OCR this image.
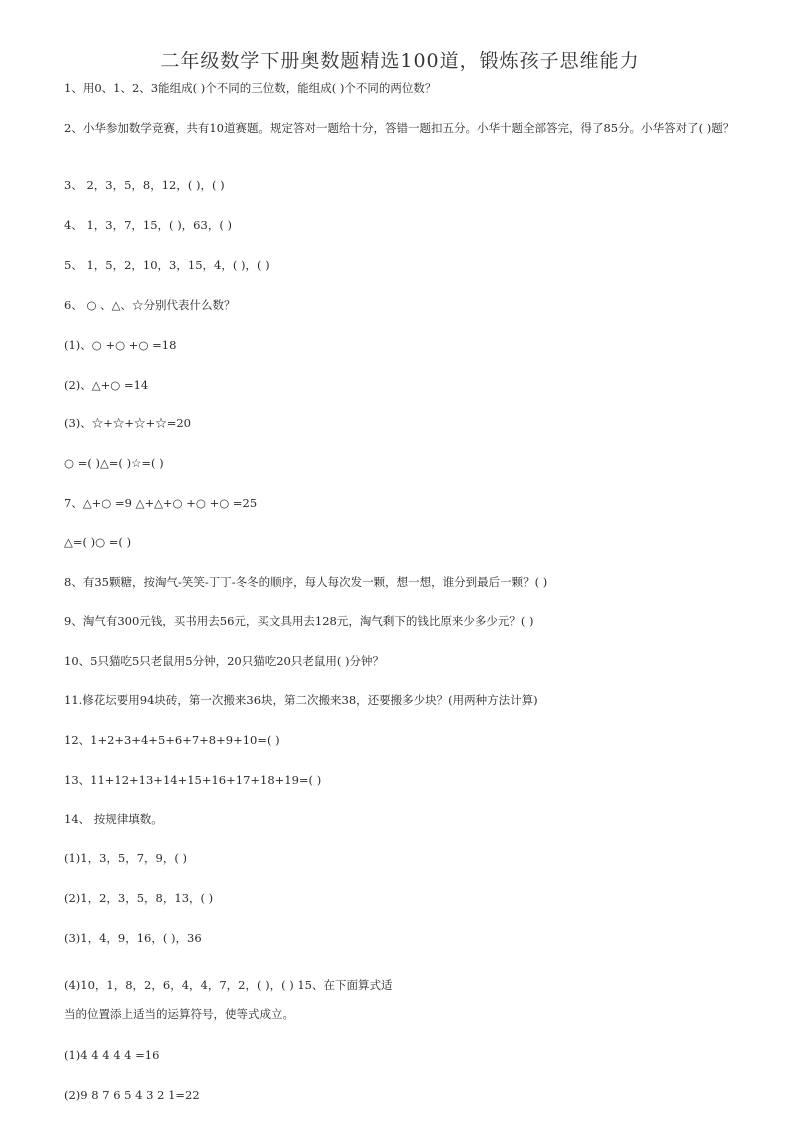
二年级数学下册奥数题精选100道，锻炼孩子思维能力
1、用0、1、2、3能组成( )个不同的三位数，能组成( )个不同的两位数？
2、小华参加数学竞赛，共有10道赛题。规定答对一题给十分，答错一题扣五分。小华十题全部答完，得了85分。小华答对了( )题？
3、 2，3，5，8，12，( )，( )
4、 1，3，7，15，( )，63，( )
5、 1，5，2，10，3，15，4，( )，( )
6、 ○ 、△、☆分别代表什么数？
(1)、○ +○ +○ =18
(2)、△+○ =14
(3)、☆+☆+☆+☆=20
○ =( )△=( )☆=( )
7、△+○ =9 △+△+○ +○ +○ =25
△=( )○ =( )
8、有35颗糖，按淘气-笑笑-丁丁-冬冬的顺序，每人每次发一颗，想一想，谁分到最后一颗？( )
9、淘气有300元钱，买书用去56元，买文具用去128元，淘气剩下的钱比原来少多少元？( )
10、5只猫吃5只老鼠用5分钟，20只猫吃20只老鼠用( )分钟？
11.修花坛要用94块砖，第一次搬来36块，第二次搬来38，还要搬多少块？(用两种方法计算)
12、1+2+3+4+5+6+7+8+9+10=( )
13、11+12+13+14+15+16+17+18+19=( )
14、 按规律填数。
(1)1，3，5，7，9，( )
(2)1，2，3，5，8，13，( )
(3)1，4，9，16，( )，36
(4)10，1，8，2，6，4，4，7，2，( )，( ) 15、在下面算式适
当的位置添上适当的运算符号，使等式成立。
(1)4 4 4 4 4 =16
(2)9 8 7 6 5 4 3 2 1=22
